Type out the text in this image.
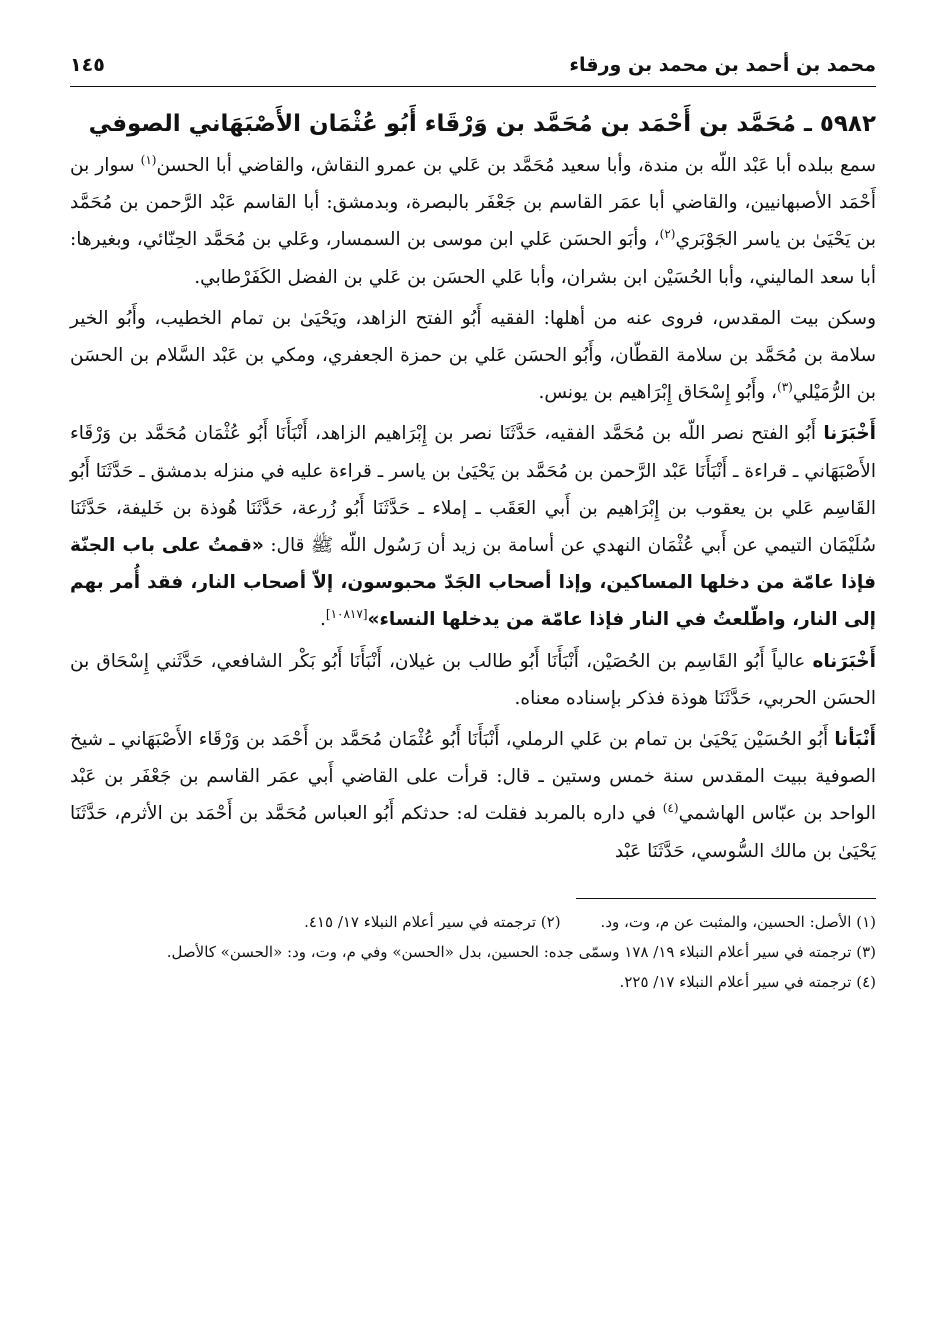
محمد بن أحمد بن محمد بن ورقاء
١٤٥
٥٩٨٢ ـ مُحَمَّد بن أَحْمَد بن مُحَمَّد بن وَرْقَاء أَبُو عُثْمَان الأَصْبَهَاني الصوفي

سمع ببلده أبا عَبْد اللّه بن مندة، وأبا سعيد مُحَمَّد بن عَلي بن عمرو النقاش، والقاضي أبا الحسن$^{(١)}$ سوار بن أَحْمَد الأصبهانيين، والقاضي أبا عمَر القاسم بن جَعْفَر بالبصرة، وبدمشق: أبا القاسم عَبْد الرَّحمن بن مُحَمَّد بن يَحْيَىٰ بن ياسر الجَوْبَري$^{(٢)}$، وأبَو الحسَن عَلي ابن موسى بن السمسار، وعَلي بن مُحَمَّد الحِنّائي، وبغيرها: أبا سعد الماليني، وأبا الحُسَيْن ابن بشران، وأبا عَلي الحسَن بن عَلي بن الفضل الكَفَرْطابي.

وسكن بيت المقدس، فروى عنه من أهلها: الفقيه أَبُو الفتح الزاهد، ويَحْيَىٰ بن تمام الخطيب، وأَبُو الخير سلامة بن مُحَمَّد بن سلامة القطّان، وأَبُو الحسَن عَلي بن حمزة الجعفري، ومكي بن عَبْد السَّلام بن الحسَن بن الرُّمَيْلي$^{(٣)}$، وأَبُو إِسْحَاق إِبْرَاهيم بن يونس.

أَخْبَرَنا أَبُو الفتح نصر اللّه بن مُحَمَّد الفقيه، حَدَّثَنَا نصر بن إِبْرَاهيم الزاهد، أَنْبَأَنَا أَبُو عُثْمَان مُحَمَّد بن وَرْقَاء الأَصْبَهَاني ـ قراءة ـ أَنْبَأَنَا عَبْد الرَّحمن بن مُحَمَّد بن يَحْيَىٰ بن ياسر ـ قراءة عليه في منزله بدمشق ـ حَدَّثَنَا أَبُو القَاسِم عَلي بن يعقوب بن إِبْرَاهيم بن أَبي العَقَب ـ إملاء ـ حَدَّثَنَا أَبُو زُرعة، حَدَّثَنَا هُوذة بن خَليفة، حَدَّثَنَا سُلَيْمَان التيمي عن أَبي عُثْمَان النهدي عن أسامة بن زيد أن رَسُول اللّه ﷺ قال: «قمتُ على باب الجنّة فإذا عامّة من دخلها المساكين، وإذا أصحاب الجَدّ محبوسون، إلاّ أصحاب النار، فقد أُمر بهم إلى النار، واطّلعتُ في النار فإذا عامّة من يدخلها النساء»[١٠٨١٧].

أَخْبَرَناه عالياً أَبُو القَاسِم بن الحُصَيْن، أَنْبَأَنَا أَبُو طالب بن غيلان، أَنْبَأَنَا أَبُو بَكْر الشافعي، حَدَّثَني إِسْحَاق بن الحسَن الحربي، حَدَّثَنَا هوذة فذكر بإسناده معناه.

أَنْبَأنا أَبُو الحُسَيْن يَحْيَىٰ بن تمام بن عَلي الرملي، أَنْبَأَنَا أَبُو عُثْمَان مُحَمَّد بن أَحْمَد بن وَرْقَاء الأَصْبَهَاني ـ شيخ الصوفية ببيت المقدس سنة خمس وستين ـ قال: قرأت على القاضي أَبي عمَر القاسم بن جَعْفَر بن عَبْد الواحد بن عبّاس الهاشمي$^{(٤)}$ في داره بالمربد فقلت له: حدثكم أَبُو العباس مُحَمَّد بن أَحْمَد بن الأثرم، حَدَّثَنَا يَحْيَىٰ بن مالك السُّوسي، حَدَّثَنَا عَبْد

(١) الأصل: الحسين، والمثبت عن م، وت، ود.
(٢) ترجمته في سير أعلام النبلاء ١٧/ ٤١٥.

(٣) ترجمته في سير أعلام النبلاء ١٩/ ١٧٨ وسمّى جده: الحسين، بدل «الحسن» وفي م، وت، ود: «الحسن» كالأصل.

(٤) ترجمته في سير أعلام النبلاء ١٧/ ٢٢٥.
